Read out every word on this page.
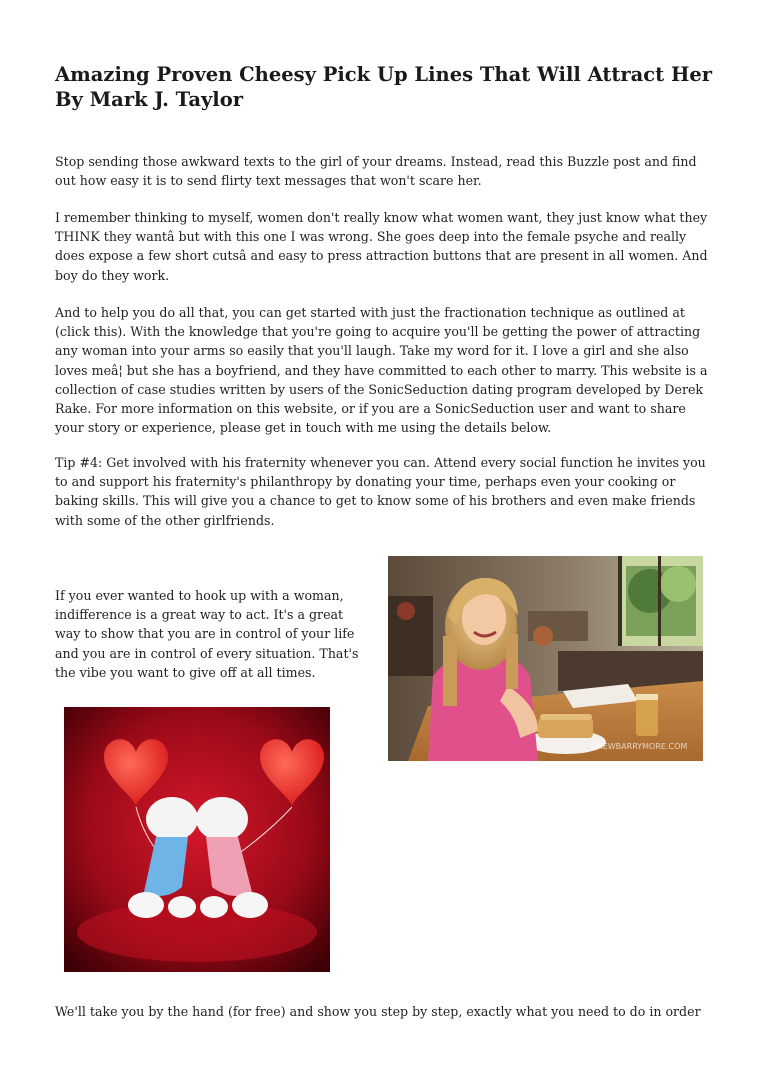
Amazing Proven Cheesy Pick Up Lines That Will Attract Her
By Mark J. Taylor

Stop sending those awkward texts to the girl of your dreams. Instead, read this Buzzle post and find out how easy it is to send flirty text messages that won't scare her.

I remember thinking to myself, women don't really know what women want, they just know what they THINK they wantâ but with this one I was wrong. She goes deep into the female psyche and really does expose a few short cutsâ and easy to press attraction buttons that are present in all women. And boy do they work.

And to help you do all that, you can get started with just the fractionation technique as outlined at (click this). With the knowledge that you're going to acquire you'll be getting the power of attracting any woman into your arms so easily that you'll laugh. Take my word for it. I love a girl and she also loves meâ¦ but she has a boyfriend, and they have committed to each other to marry. This website is a collection of case studies written by users of the SonicSeduction dating program developed by Derek Rake. For more information on this website, or if you are a SonicSeduction user and want to share your story or experience, please get in touch with me using the details below.

Tip #4: Get involved with his fraternity whenever you can. Attend every social function he invites you to and support his fraternity's philanthropy by donating your time, perhaps even your cooking or baking skills. This will give you a chance to get to know some of his brothers and even make friends with some of the other girlfriends.

If you ever wanted to hook up with a woman, indifference is a great way to act. It's a great way to show that you are in control of your life and you are in control of every situation. That's the vibe you want to give off at all times.

We'll take you by the hand (for free) and show you step by step, exactly what you need to do in order

DREWBARRYMORE.COM
